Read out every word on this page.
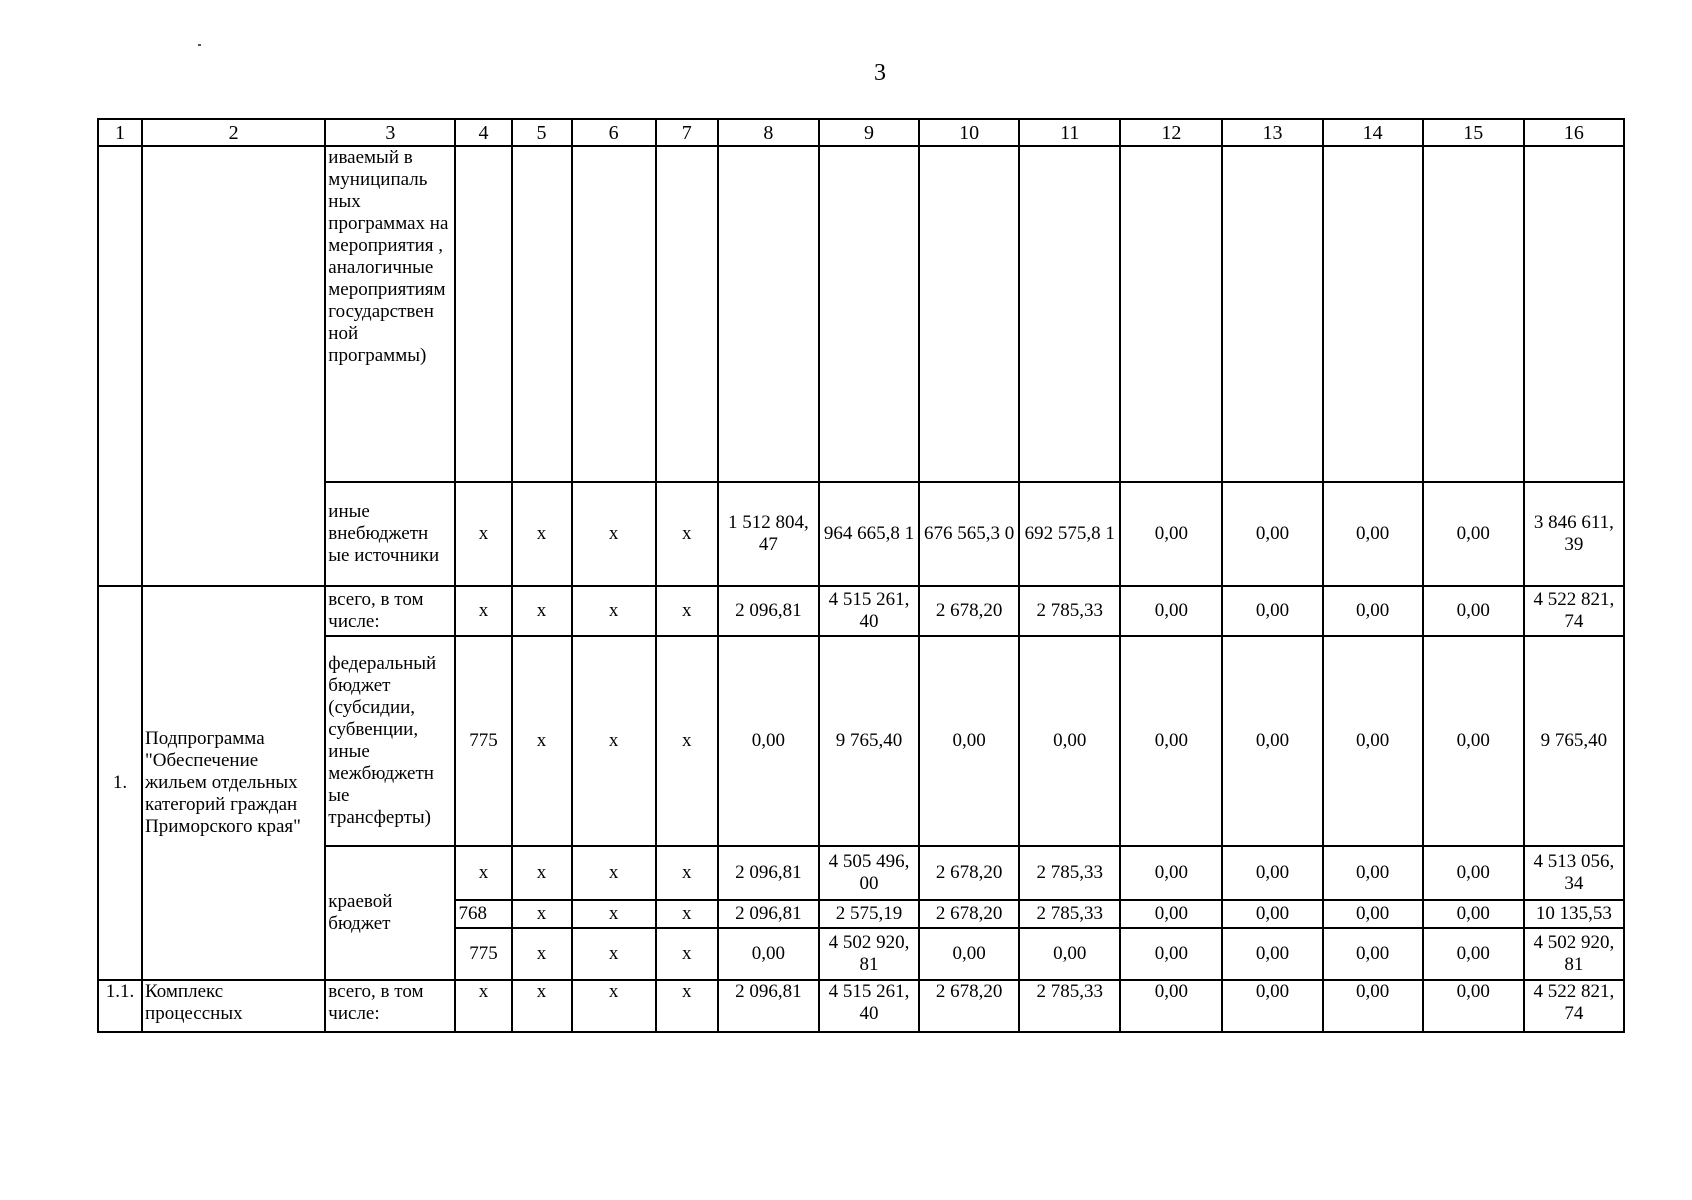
3
1	2	3	4	5	6	7	8	9	10	11	12	13	14	15	16
		иваемый в муниципаль ных программах на мероприятия , аналогичные мероприятиям государствен ной программы)													
		иные внебюджетн ые источники	x	x	x	x	1 512 804, 47	964 665,8 1	676 565,3 0	692 575,8 1	0,00	0,00	0,00	0,00	3 846 611, 39
1.	Подпрограмма "Обеспечение жильем отдельных категорий граждан Приморского края"	всего, в том числе:	x	x	x	x	2 096,81	4 515 261, 40	2 678,20	2 785,33	0,00	0,00	0,00	0,00	4 522 821, 74
		федеральный бюджет (субсидии, субвенции, иные межбюджетн ые трансферты)	775	x	x	x	0,00	9 765,40	0,00	0,00	0,00	0,00	0,00	0,00	9 765,40
		краевой бюджет	x	x	x	x	2 096,81	4 505 496, 00	2 678,20	2 785,33	0,00	0,00	0,00	0,00	4 513 056, 34
			768	x	x	x	2 096,81	2 575,19	2 678,20	2 785,33	0,00	0,00	0,00	0,00	10 135,53
			775	x	x	x	0,00	4 502 920, 81	0,00	0,00	0,00	0,00	0,00	0,00	4 502 920, 81
1.1.	Комплекс процессных	всего, в том числе:	x	x	x	x	2 096,81	4 515 261, 40	2 678,20	2 785,33	0,00	0,00	0,00	0,00	4 522 821, 74
